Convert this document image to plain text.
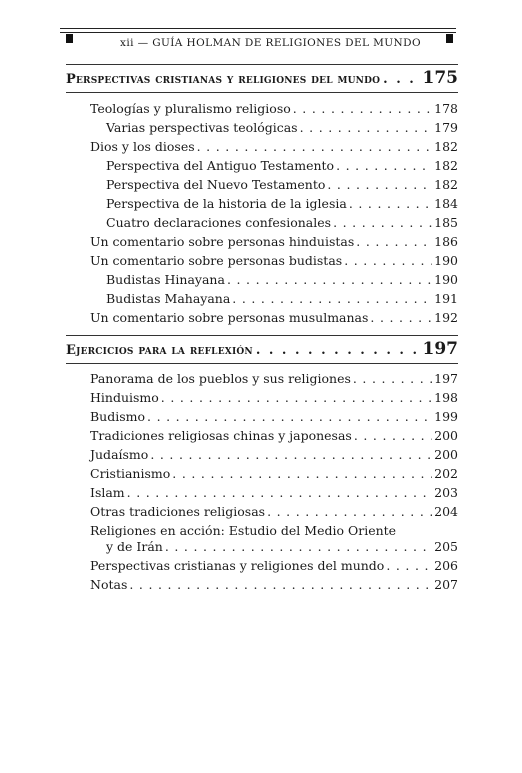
xii — GUÍA HOLMAN DE RELIGIONES DEL MUNDO
Perspectivas cristianas y religiones del mundo . . . 175
Teologías y pluralismo religioso . . .	178
Varias perspectivas teológicas . . .	179
Dios y los dioses . . .	182
Perspectiva del Antiguo Testamento . . .	182
Perspectiva del Nuevo Testamento . . .	182
Perspectiva de la historia de la iglesia . . .	184
Cuatro declaraciones confesionales . . .	185
Un comentario sobre personas hinduistas . . .	186
Un comentario sobre personas budistas . . .	190
Budistas Hinayana . . .	190
Budistas Mahayana . . .	191
Un comentario sobre personas musulmanas . . .	192
Ejercicios para la reflexión . . .	197
Panorama de los pueblos y sus religiones . . .	197
Hinduismo . . .	198
Budismo . . .	199
Tradiciones religiosas chinas y japonesas . . .	200
Judaísmo . . .	200
Cristianismo . . .	202
Islam . . .	203
Otras tradiciones religiosas . . .	204
Religiones en acción: Estudio del Medio Oriente
y de Irán . . .	205
Perspectivas cristianas y religiones del mundo . . .	206
Notas . . .	207
